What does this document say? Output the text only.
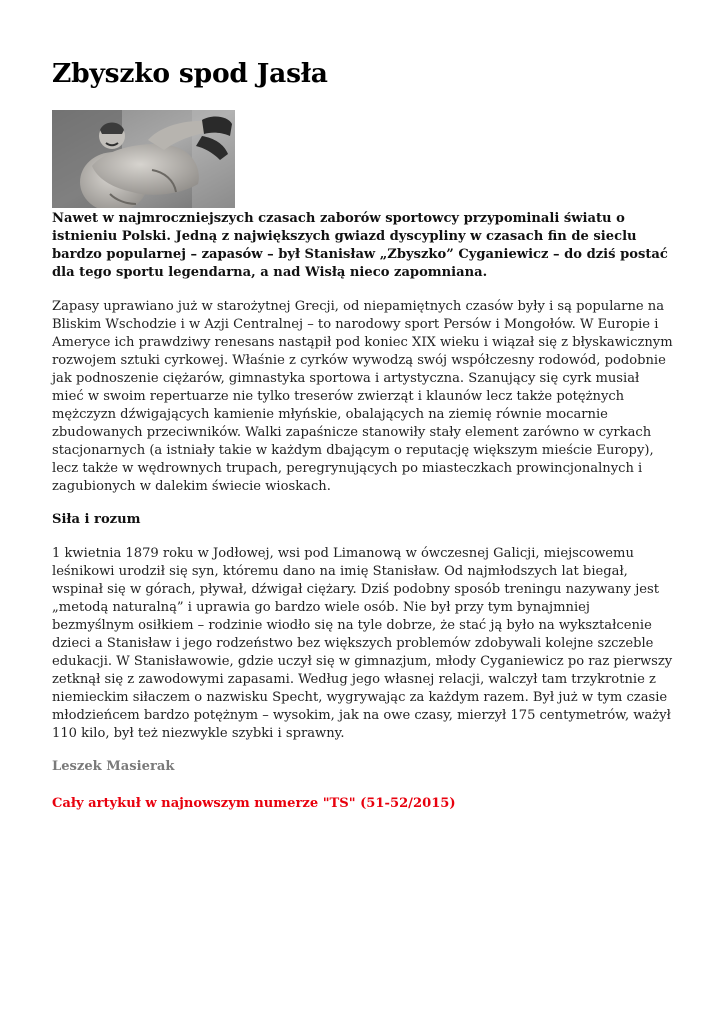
Zbyszko spod Jasła

Nawet w najmroczniejszych czasach zaborów sportowcy przypominali światu o istnieniu Polski. Jedną z największych gwiazd dyscypliny w czasach fin de sieclu bardzo popularnej – zapasów – był Stanisław „Zbyszko” Cyganiewicz – do dziś postać dla tego sportu legendarna, a nad Wisłą nieco zapomniana.

Zapasy uprawiano już w starożytnej Grecji, od niepamiętnych czasów były i są popularne na Bliskim Wschodzie i w Azji Centralnej – to narodowy sport Persów i Mongołów. W Europie i Ameryce ich prawdziwy renesans nastąpił pod koniec XIX wieku i wiązał się z błyskawicznym rozwojem sztuki cyrkowej. Właśnie z cyrków wywodzą swój współczesny rodowód, podobnie jak podnoszenie ciężarów, gimnastyka sportowa i artystyczna. Szanujący się cyrk musiał mieć w swoim repertuarze nie tylko treserów zwierząt i klaunów lecz także potężnych mężczyzn dźwigających kamienie młyńskie, obalających na ziemię równie mocarnie zbudowanych przeciwników. Walki zapaśnicze stanowiły stały element zarówno w cyrkach stacjonarnych (a istniały takie w każdym dbającym o reputację większym mieście Europy), lecz także w wędrownych trupach, peregrynujących po miasteczkach prowincjonalnych i zagubionych w dalekim świecie wioskach.

Siła i rozum

1 kwietnia 1879 roku w Jodłowej, wsi pod Limanową w ówczesnej Galicji, miejscowemu leśnikowi urodził się syn, któremu dano na imię Stanisław. Od najmłodszych lat biegał, wspinał się w górach, pływał, dźwigał ciężary. Dziś podobny sposób treningu nazywany jest „metodą naturalną” i uprawia go bardzo wiele osób. Nie był przy tym bynajmniej bezmyślnym osiłkiem – rodzinie wiodło się na tyle dobrze, że stać ją było na wykształcenie dzieci a Stanisław i jego rodzeństwo bez większych problemów zdobywali kolejne szczeble edukacji. W Stanisławowie, gdzie uczył się w gimnazjum, młody Cyganiewicz po raz pierwszy zetknął się z zawodowymi zapasami. Według jego własnej relacji, walczył tam trzykrotnie z niemieckim siłaczem o nazwisku Specht, wygrywając za każdym razem. Był już w tym czasie młodzieńcem bardzo potężnym – wysokim, jak na owe czasy, mierzył 175 centymetrów, ważył 110 kilo, był też niezwykle szybki i sprawny.

Leszek Masierak

Cały artykuł w najnowszym numerze "TS" (51-52/2015)
